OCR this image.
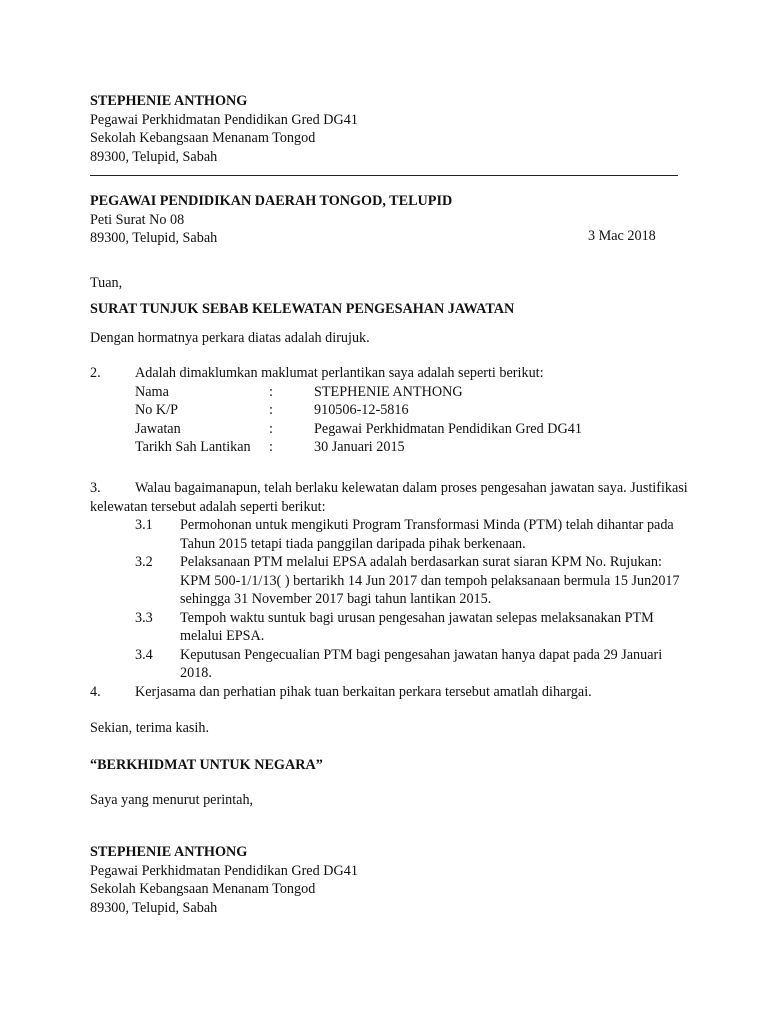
STEPHENIE ANTHONG
Pegawai Perkhidmatan Pendidikan Gred DG41
Sekolah Kebangsaan Menanam Tongod
89300, Telupid, Sabah
PEGAWAI PENDIDIKAN DAERAH TONGOD, TELUPID
Peti Surat No 08
89300, Telupid, Sabah	3 Mac 2018
Tuan,
SURAT TUNJUK SEBAB KELEWATAN PENGESAHAN JAWATAN
Dengan hormatnya perkara diatas adalah dirujuk.
2. Adalah dimaklumkan maklumat perlantikan saya adalah seperti berikut:
Nama	:	STEPHENIE ANTHONG
No K/P	:	910506-12-5816
Jawatan	:	Pegawai Perkhidmatan Pendidikan Gred DG41
Tarikh Sah Lantikan :	30 Januari 2015
3. Walau bagaimanapun, telah berlaku kelewatan dalam proses pengesahan jawatan saya. Justifikasi
kelewatan tersebut adalah seperti berikut:
3.1 Permohonan untuk mengikuti Program Transformasi Minda (PTM) telah dihantar pada
Tahun 2015 tetapi tiada panggilan daripada pihak berkenaan.
3.2 Pelaksanaan PTM melalui EPSA adalah berdasarkan surat siaran KPM No. Rujukan:
KPM 500-1/1/13( ) bertarikh 14 Jun 2017 dan tempoh pelaksanaan bermula 15 Jun2017
sehingga 31 November 2017 bagi tahun lantikan 2015.
3.3 Tempoh waktu suntuk bagi urusan pengesahan jawatan selepas melaksanakan PTM
melalui EPSA.
3.4 Keputusan Pengecualian PTM bagi pengesahan jawatan hanya dapat pada 29 Januari
2018.
4. Kerjasama dan perhatian pihak tuan berkaitan perkara tersebut amatlah dihargai.
Sekian, terima kasih.
“BERKHIDMAT UNTUK NEGARA”
Saya yang menurut perintah,
STEPHENIE ANTHONG
Pegawai Perkhidmatan Pendidikan Gred DG41
Sekolah Kebangsaan Menanam Tongod
89300, Telupid, Sabah
